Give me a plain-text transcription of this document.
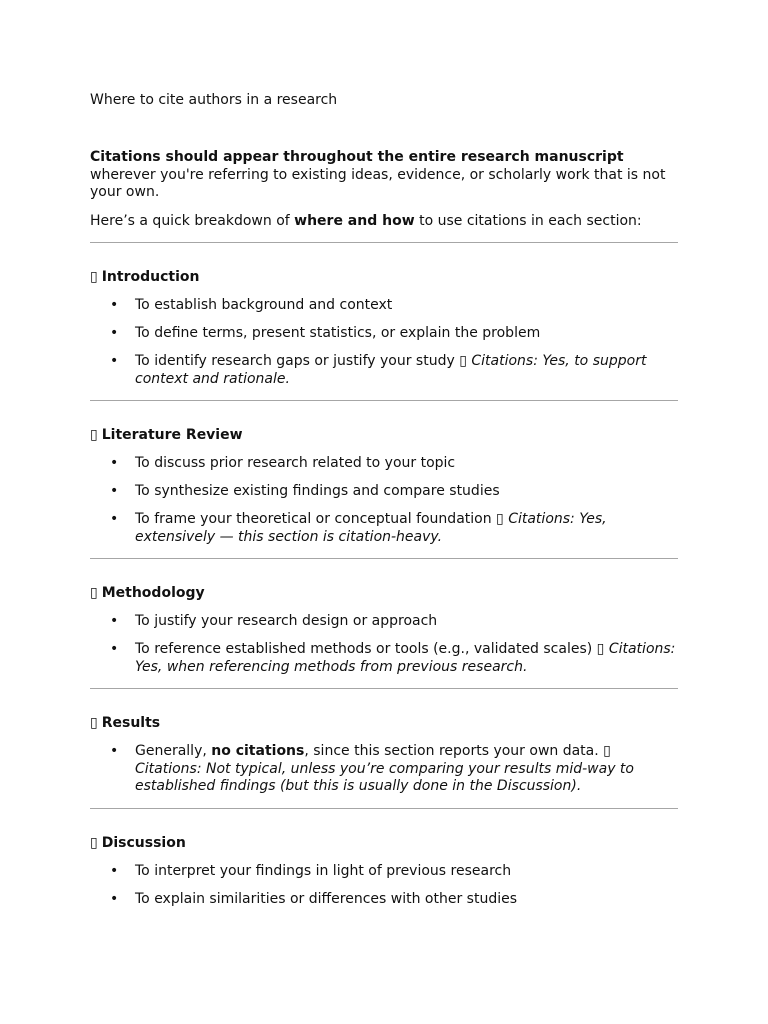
Where to cite authors in a research

Citations should appear throughout the entire research manuscript wherever you're referring to existing ideas, evidence, or scholarly work that is not your own.

Here’s a quick breakdown of where and how to use citations in each section:

▯ Introduction

• To establish background and context
• To define terms, present statistics, or explain the problem
• To identify research gaps or justify your study ▯ Citations: Yes, to support context and rationale.

▯ Literature Review

• To discuss prior research related to your topic
• To synthesize existing findings and compare studies
• To frame your theoretical or conceptual foundation ▯ Citations: Yes, extensively — this section is citation-heavy.

▯ Methodology

• To justify your research design or approach
• To reference established methods or tools (e.g., validated scales) ▯ Citations: Yes, when referencing methods from previous research.

▯ Results

• Generally, no citations, since this section reports your own data. ▯ Citations: Not typical, unless you’re comparing your results mid-way to established findings (but this is usually done in the Discussion).

▯ Discussion

• To interpret your findings in light of previous research
• To explain similarities or differences with other studies
